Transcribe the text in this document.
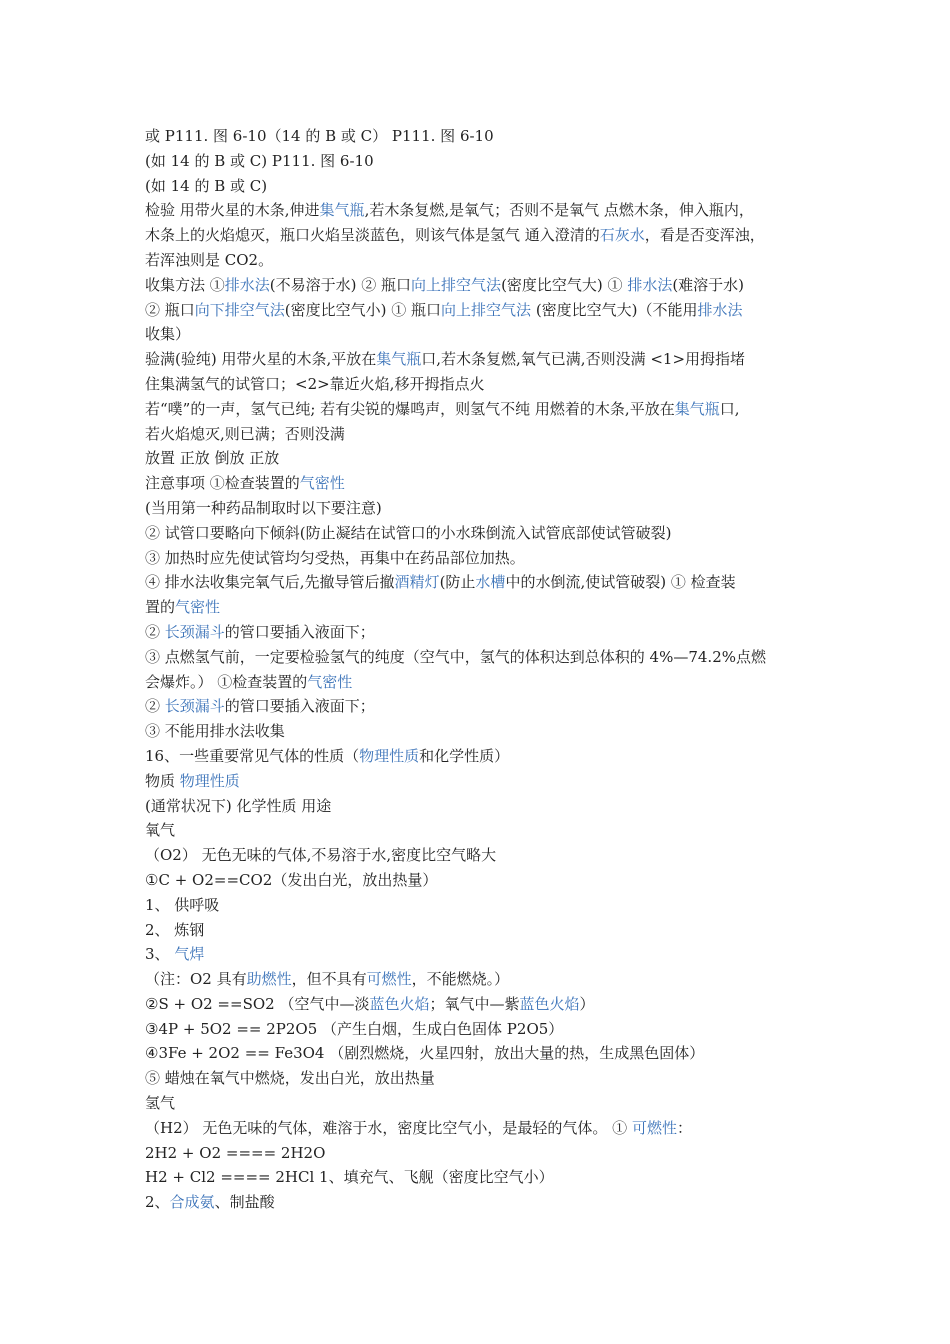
或 P111. 图 6-10（14 的 B 或 C） P111. 图 6-10
(如 14 的 B 或 C) P111. 图 6-10
(如 14 的 B 或 C)
检验 用带火星的木条,伸进集气瓶,若木条复燃,是氧气；否则不是氧气 点燃木条，伸入瓶内，
木条上的火焰熄灭，瓶口火焰呈淡蓝色，则该气体是氢气 通入澄清的石灰水，看是否变浑浊，
若浑浊则是 CO2。
收集方法 ①排水法(不易溶于水) ② 瓶口向上排空气法(密度比空气大) ① 排水法(难溶于水)
② 瓶口向下排空气法(密度比空气小) ① 瓶口向上排空气法 (密度比空气大)（不能用排水法
收集）
验满(验纯) 用带火星的木条,平放在集气瓶口,若木条复燃,氧气已满,否则没满 <1>用拇指堵
住集满氢气的试管口；<2>靠近火焰,移开拇指点火
若“噗”的一声，氢气已纯; 若有尖锐的爆鸣声，则氢气不纯 用燃着的木条,平放在集气瓶口,
若火焰熄灭,则已满；否则没满
放置 正放 倒放 正放
注意事项 ①检查装置的气密性
(当用第一种药品制取时以下要注意)
② 试管口要略向下倾斜(防止凝结在试管口的小水珠倒流入试管底部使试管破裂)
③ 加热时应先使试管均匀受热，再集中在药品部位加热。
④ 排水法收集完氧气后,先撤导管后撤酒精灯(防止水槽中的水倒流,使试管破裂) ① 检查装
置的气密性
② 长颈漏斗的管口要插入液面下；
③ 点燃氢气前，一定要检验氢气的纯度（空气中，氢气的体积达到总体积的 4%—74.2%点燃
会爆炸。） ①检查装置的气密性
② 长颈漏斗的管口要插入液面下；
③ 不能用排水法收集
16、一些重要常见气体的性质（物理性质和化学性质）
物质 物理性质
(通常状况下) 化学性质 用途
氧气
（O2） 无色无味的气体,不易溶于水,密度比空气略大
①C + O2==CO2（发出白光，放出热量）
1、 供呼吸
2、 炼钢
3、 气焊
（注：O2 具有助燃性，但不具有可燃性，不能燃烧。）
②S + O2 ==SO2 （空气中—淡蓝色火焰；氧气中—紫蓝色火焰）
③4P + 5O2 == 2P2O5 （产生白烟，生成白色固体 P2O5）
④3Fe + 2O2 == Fe3O4 （剧烈燃烧，火星四射，放出大量的热，生成黑色固体）
⑤ 蜡烛在氧气中燃烧，发出白光，放出热量
氢气
（H2） 无色无味的气体，难溶于水，密度比空气小，是最轻的气体。 ① 可燃性：
2H2 + O2 ==== 2H2O
H2 + Cl2 ==== 2HCl 1、填充气、飞舰（密度比空气小）
2、合成氨、制盐酸
